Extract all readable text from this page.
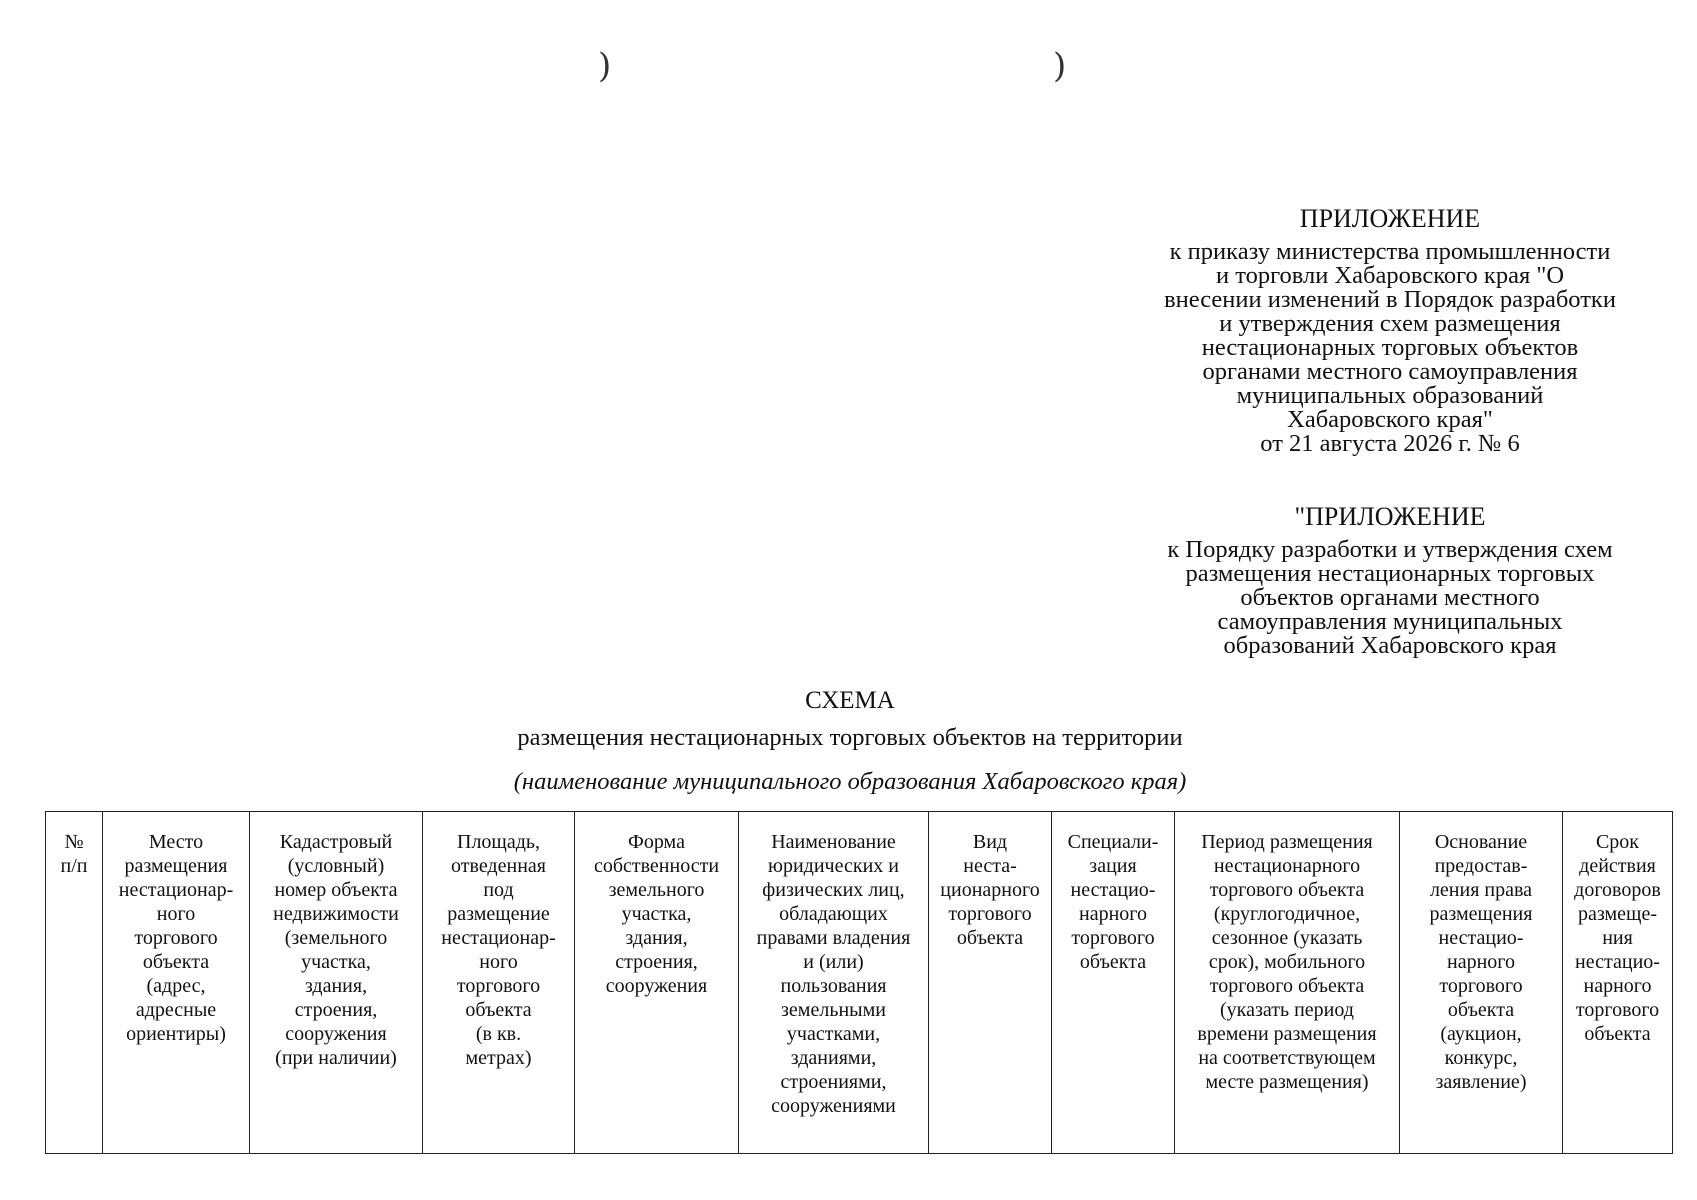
)	)
ПРИЛОЖЕНИЕ
к приказу министерства промышленности
и торговли Хабаровского края "О
внесении изменений в Порядок разработки
и утверждения схем размещения
нестационарных торговых объектов
органами местного самоуправления
муниципальных образований
Хабаровского края"
от 21 августа 2026 г. № 6
"ПРИЛОЖЕНИЕ
к Порядку разработки и утверждения схем
размещения нестационарных торговых
объектов органами местного
самоуправления муниципальных
образований Хабаровского края
СХЕМА
размещения нестационарных торговых объектов на территории
(наименование муниципального образования Хабаровского края)
№
п/п	Место
размещения
нестационар-
ного
торгового
объекта
(адрес,
адресные
ориентиры)	Кадастровый
(условный)
номер объекта
недвижимости
(земельного
участка,
здания,
строения,
сооружения
(при наличии)	Площадь,
отведенная
под
размещение
нестационар-
ного
торгового
объекта
(в кв.
метрах)	Форма
собственности
земельного
участка,
здания,
строения,
сооружения	Наименование
юридических и
физических лиц,
обладающих
правами владения
и (или)
пользования
земельными
участками,
зданиями,
строениями,
сооружениями	Вид
неста-
ционарного
торгового
объекта	Специали-
зация
нестацио-
нарного
торгового
объекта	Период размещения
нестационарного
торгового объекта
(круглогодичное,
сезонное (указать
срок), мобильного
торгового объекта
(указать период
времени размещения
на соответствующем
месте размещения)	Основание
предостав-
ления права
размещения
нестацио-
нарного
торгового
объекта
(аукцион,
конкурс,
заявление)	Срок
действия
договоров
размеще-
ния
нестацио-
нарного
торгового
объекта
